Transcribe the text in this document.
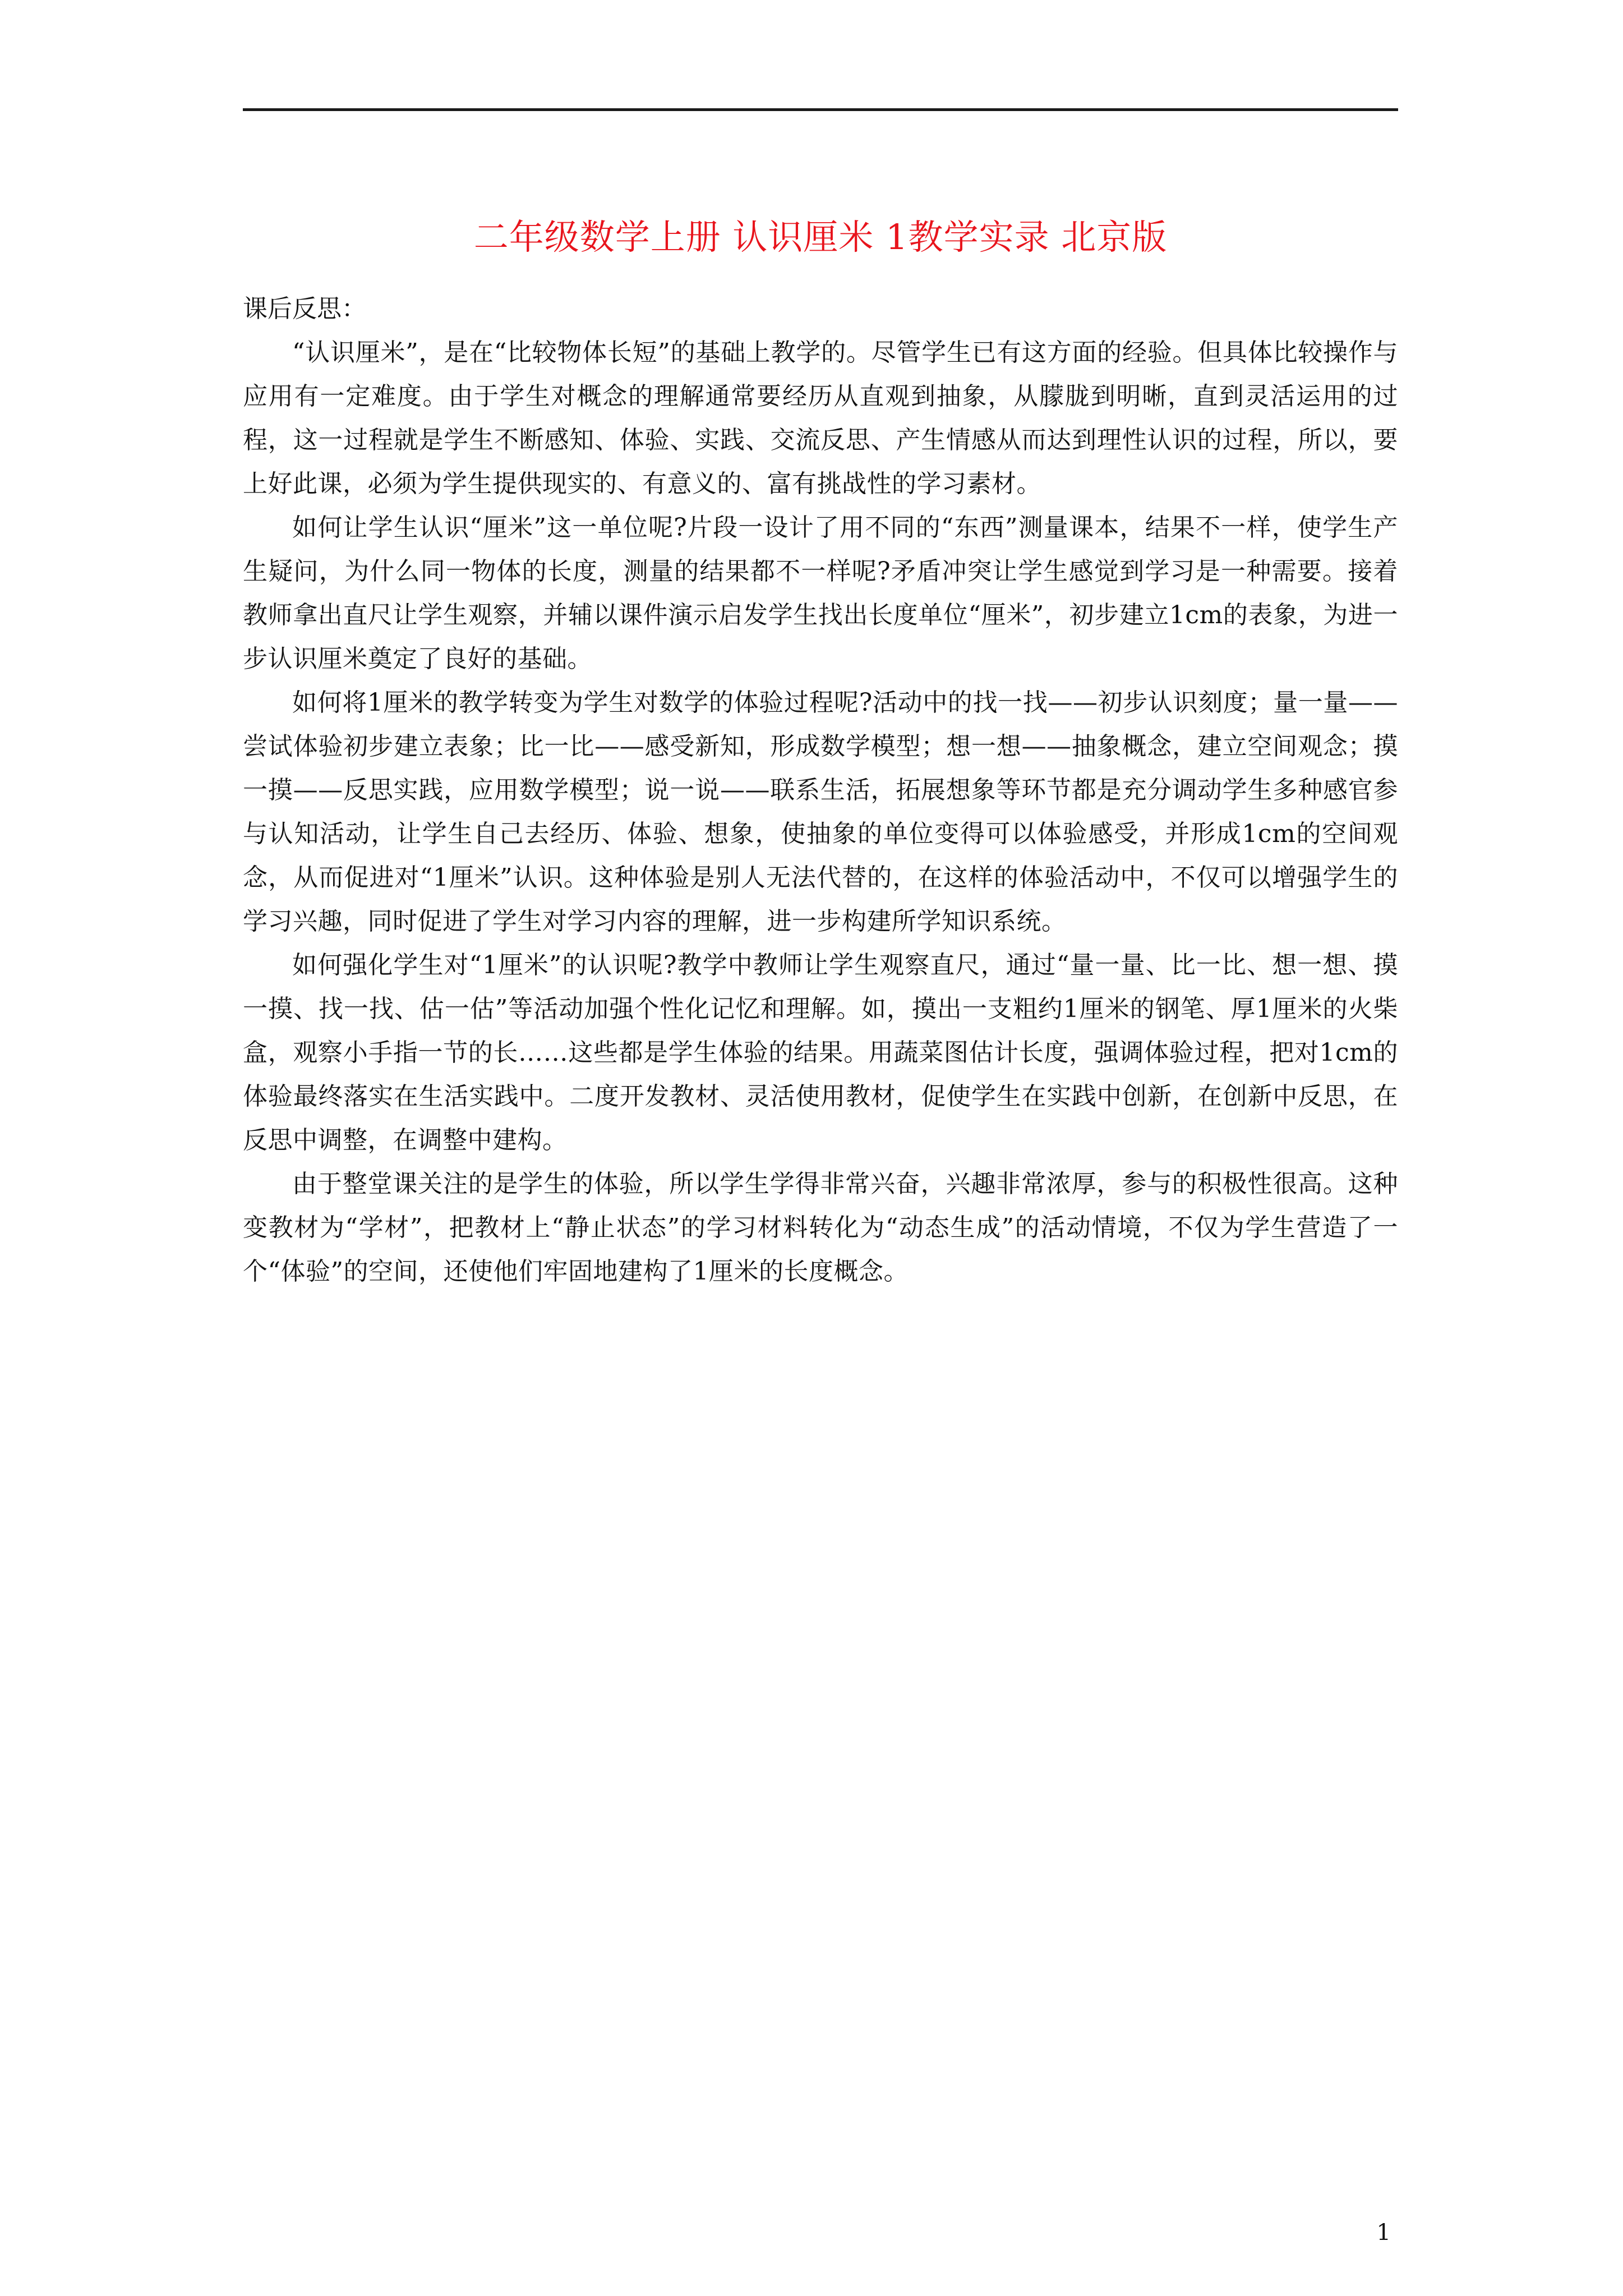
二年级数学上册 认识厘米 1教学实录 北京版

课后反思：

“认识厘米”，是在“比较物体长短”的基础上教学的。尽管学生已有这方面的经验。但具体比较操作与应用有一定难度。由于学生对概念的理解通常要经历从直观到抽象，从朦胧到明晰，直到灵活运用的过程，这一过程就是学生不断感知、体验、实践、交流反思、产生情感从而达到理性认识的过程，所以，要上好此课，必须为学生提供现实的、有意义的、富有挑战性的学习素材。

如何让学生认识“厘米”这一单位呢?片段一设计了用不同的“东西”测量课本，结果不一样，使学生产生疑问，为什么同一物体的长度，测量的结果都不一样呢?矛盾冲突让学生感觉到学习是一种需要。接着教师拿出直尺让学生观察，并辅以课件演示启发学生找出长度单位“厘米”，初步建立1cm的表象，为进一步认识厘米奠定了良好的基础。

如何将1厘米的教学转变为学生对数学的体验过程呢?活动中的找一找——初步认识刻度；量一量——尝试体验初步建立表象；比一比——感受新知，形成数学模型；想一想——抽象概念，建立空间观念；摸一摸——反思实践，应用数学模型；说一说——联系生活，拓展想象等环节都是充分调动学生多种感官参与认知活动，让学生自己去经历、体验、想象，使抽象的单位变得可以体验感受，并形成1cm的空间观念，从而促进对“1厘米”认识。这种体验是别人无法代替的，在这样的体验活动中，不仅可以增强学生的学习兴趣，同时促进了学生对学习内容的理解，进一步构建所学知识系统。

如何强化学生对“1厘米”的认识呢?教学中教师让学生观察直尺，通过“量一量、比一比、想一想、摸一摸、找一找、估一估”等活动加强个性化记忆和理解。如，摸出一支粗约1厘米的钢笔、厚1厘米的火柴盒，观察小手指一节的长……这些都是学生体验的结果。用蔬菜图估计长度，强调体验过程，把对1cm的体验最终落实在生活实践中。二度开发教材、灵活使用教材，促使学生在实践中创新，在创新中反思，在反思中调整，在调整中建构。

由于整堂课关注的是学生的体验，所以学生学得非常兴奋，兴趣非常浓厚，参与的积极性很高。这种变教材为“学材”，把教材上“静止状态”的学习材料转化为“动态生成”的活动情境，不仅为学生营造了一个“体验”的空间，还使他们牢固地建构了1厘米的长度概念。

1
